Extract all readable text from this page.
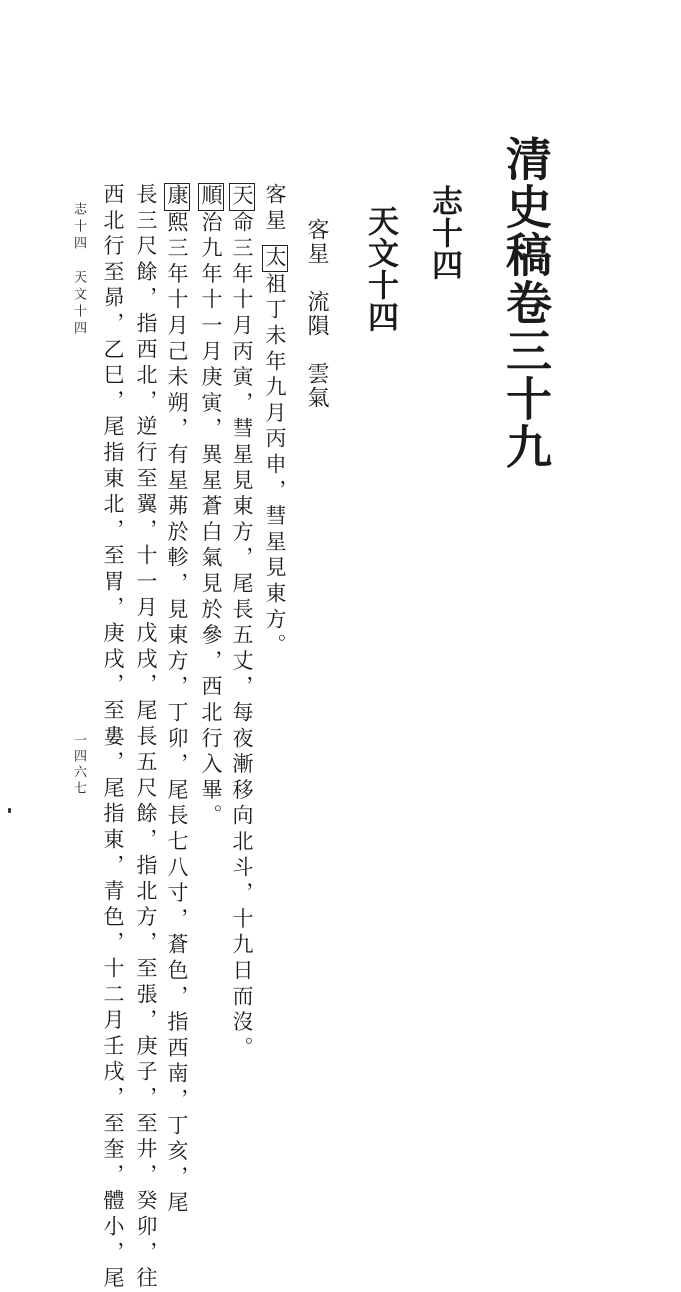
清史稿卷三十九
志十四
天文十四
客星　流隕　雲氣
客星太祖丁未年九月丙申，彗星見東方。
天命三年十月丙寅，彗星見東方，尾長五丈，每夜漸移向北斗，十九日而沒。
順治九年十一月庚寅，異星蒼白氣見於參，西北行入畢。
康熙三年十月己未朔，有星茀於軫，見東方，丁卯，尾長七八寸，蒼色，指西南，丁亥，尾
長三尺餘，指西北，逆行至翼，十一月戊戌，尾長五尺餘，指北方，至張，庚子，至井，癸卯，往
西北行至昴，乙巳，尾指東北，至胃，庚戌，至婁，尾指東，青色，十二月壬戌，至奎，體小，尾
志十四　天文十四
一四六七
